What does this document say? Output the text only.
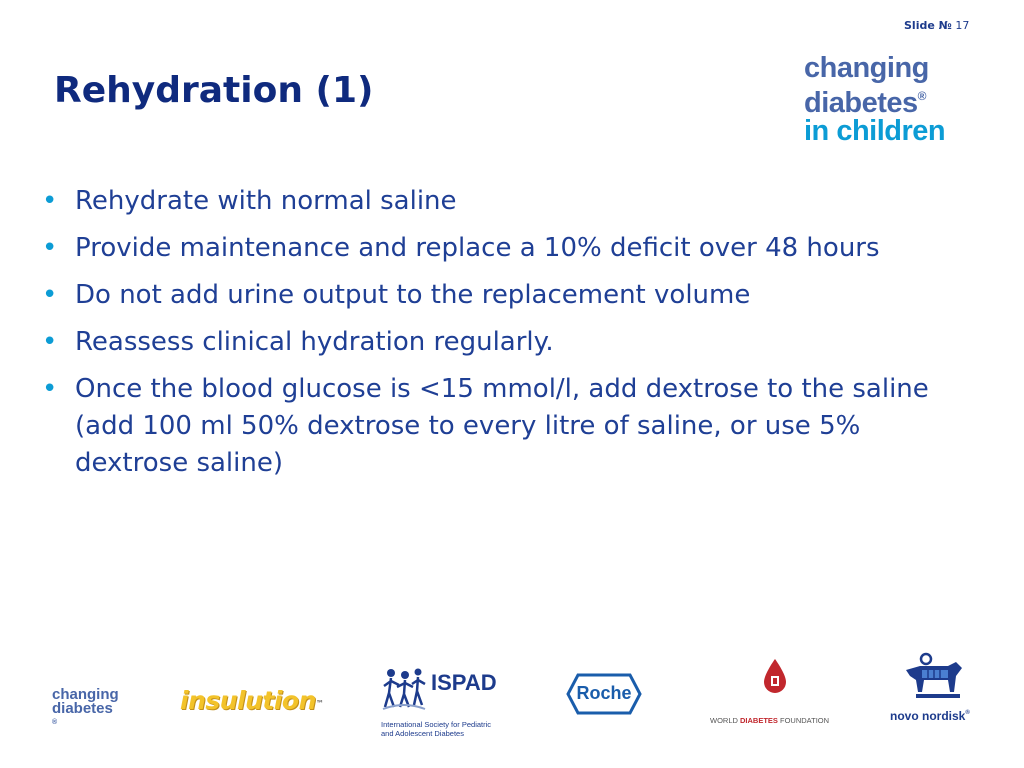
Slide № 17
Rehydration (1)
changing
diabetes®
in children
• Rehydrate with normal saline
• Provide maintenance and replace a 10% deficit over 48 hours
• Do not add urine output to the replacement volume
• Reassess clinical hydration regularly.
• Once the blood glucose is <15 mmol/l, add dextrose to the saline (add 100 ml 50% dextrose to every litre of saline, or use 5% dextrose saline)
changing
diabetes
®
insulution™
ISPAD
International Society for Pediatric
and Adolescent Diabetes
Roche
WORLD DIABETES FOUNDATION	novo nordisk®
